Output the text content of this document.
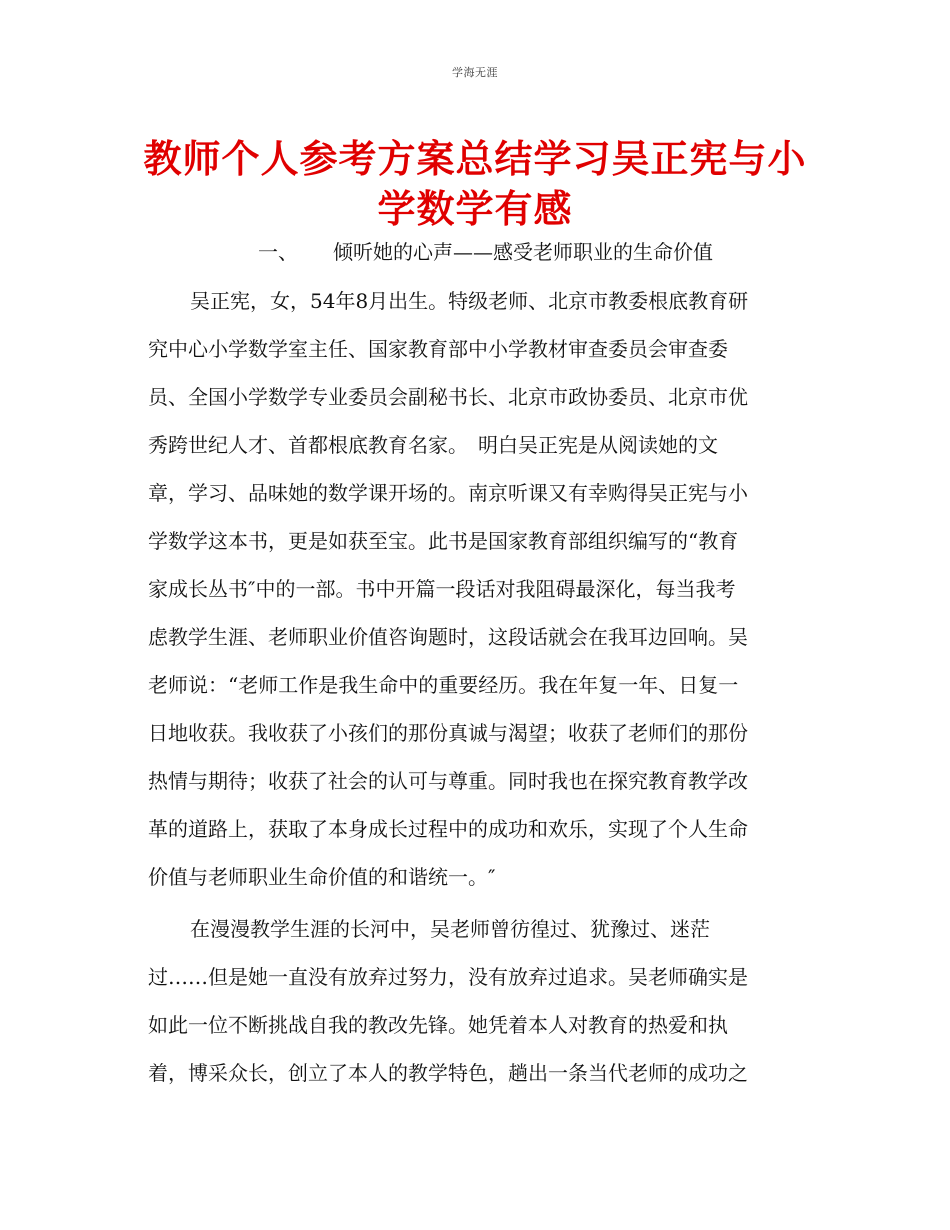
学海无涯
教师个人参考方案总结学习吴正宪与小学数学有感
一、 倾听她的心声——感受老师职业的生命价值
吴正宪，女，54年8月出生。特级老师、北京市教委根底教育研
究中心小学数学室主任、国家教育部中小学教材审查委员会审查委
员、全国小学数学专业委员会副秘书长、北京市政协委员、北京市优
秀跨世纪人才、首都根底教育名家。　明白吴正宪是从阅读她的文
章，学习、品味她的数学课开场的。南京听课又有幸购得吴正宪与小
学数学这本书，更是如获至宝。此书是国家教育部组织编写的“教育
家成长丛书″中的一部。书中开篇一段话对我阻碍最深化，每当我考
虑教学生涯、老师职业价值咨询题时，这段话就会在我耳边回响。吴
老师说：“老师工作是我生命中的重要经历。我在年复一年、日复一
日地收获。我收获了小孩们的那份真诚与渴望；收获了老师们的那份
热情与期待；收获了社会的认可与尊重。同时我也在探究教育教学改
革的道路上，获取了本身成长过程中的成功和欢乐，实现了个人生命
价值与老师职业生命价值的和谐统一。″
在漫漫教学生涯的长河中，吴老师曾彷徨过、犹豫过、迷茫
过……但是她一直没有放弃过努力，没有放弃过追求。吴老师确实是
如此一位不断挑战自我的教改先锋。她凭着本人对教育的热爱和执
着，博采众长，创立了本人的教学特色，趟出一条当代老师的成功之
